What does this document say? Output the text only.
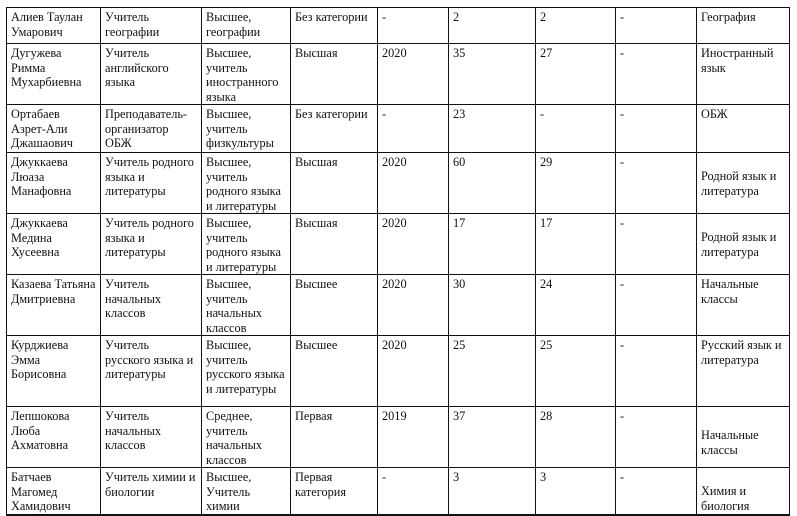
Алиев Таулан Умарович	Учитель географии	Высшее, географии	Без категории	-	2	2	-	География
Дугужева Римма Мухарбиевна	Учитель английского языка	Высшее, учитель иностранного языка	Высшая	2020	35	27	-	Иностранный язык
Ортабаев Азрет-Али Джашаович	Преподаватель-организатор ОБЖ	Высшее, учитель физкультуры	Без категории	-	23	-	-	ОБЖ
Джуккаева Люаза Манафовна	Учитель родного языка и литературы	Высшее, учитель родного языка и литературы	Высшая	2020	60	29	-	Родной язык и литература
Джуккаева Медина Хусеевна	Учитель родного языка и литературы	Высшее, учитель родного языка и литературы	Высшая	2020	17	17	-	Родной язык и литература
Казаева Татьяна Дмитриевна	Учитель начальных классов	Высшее, учитель начальных классов	Высшее	2020	30	24	-	Начальные классы
Курджиева Эмма Борисовна	Учитель русского языка и литературы	Высшее, учитель русского языка и литературы	Высшее	2020	25	25	-	Русский язык и литература
Лепшокова Люба Ахматовна	Учитель начальных классов	Среднее, учитель начальных классов	Первая	2019	37	28	-	Начальные классы
Батчаев Магомед Хамидович	Учитель химии и биологии	Высшее, Учитель химии	Первая категория	-	3	3	-	Химия и биология
